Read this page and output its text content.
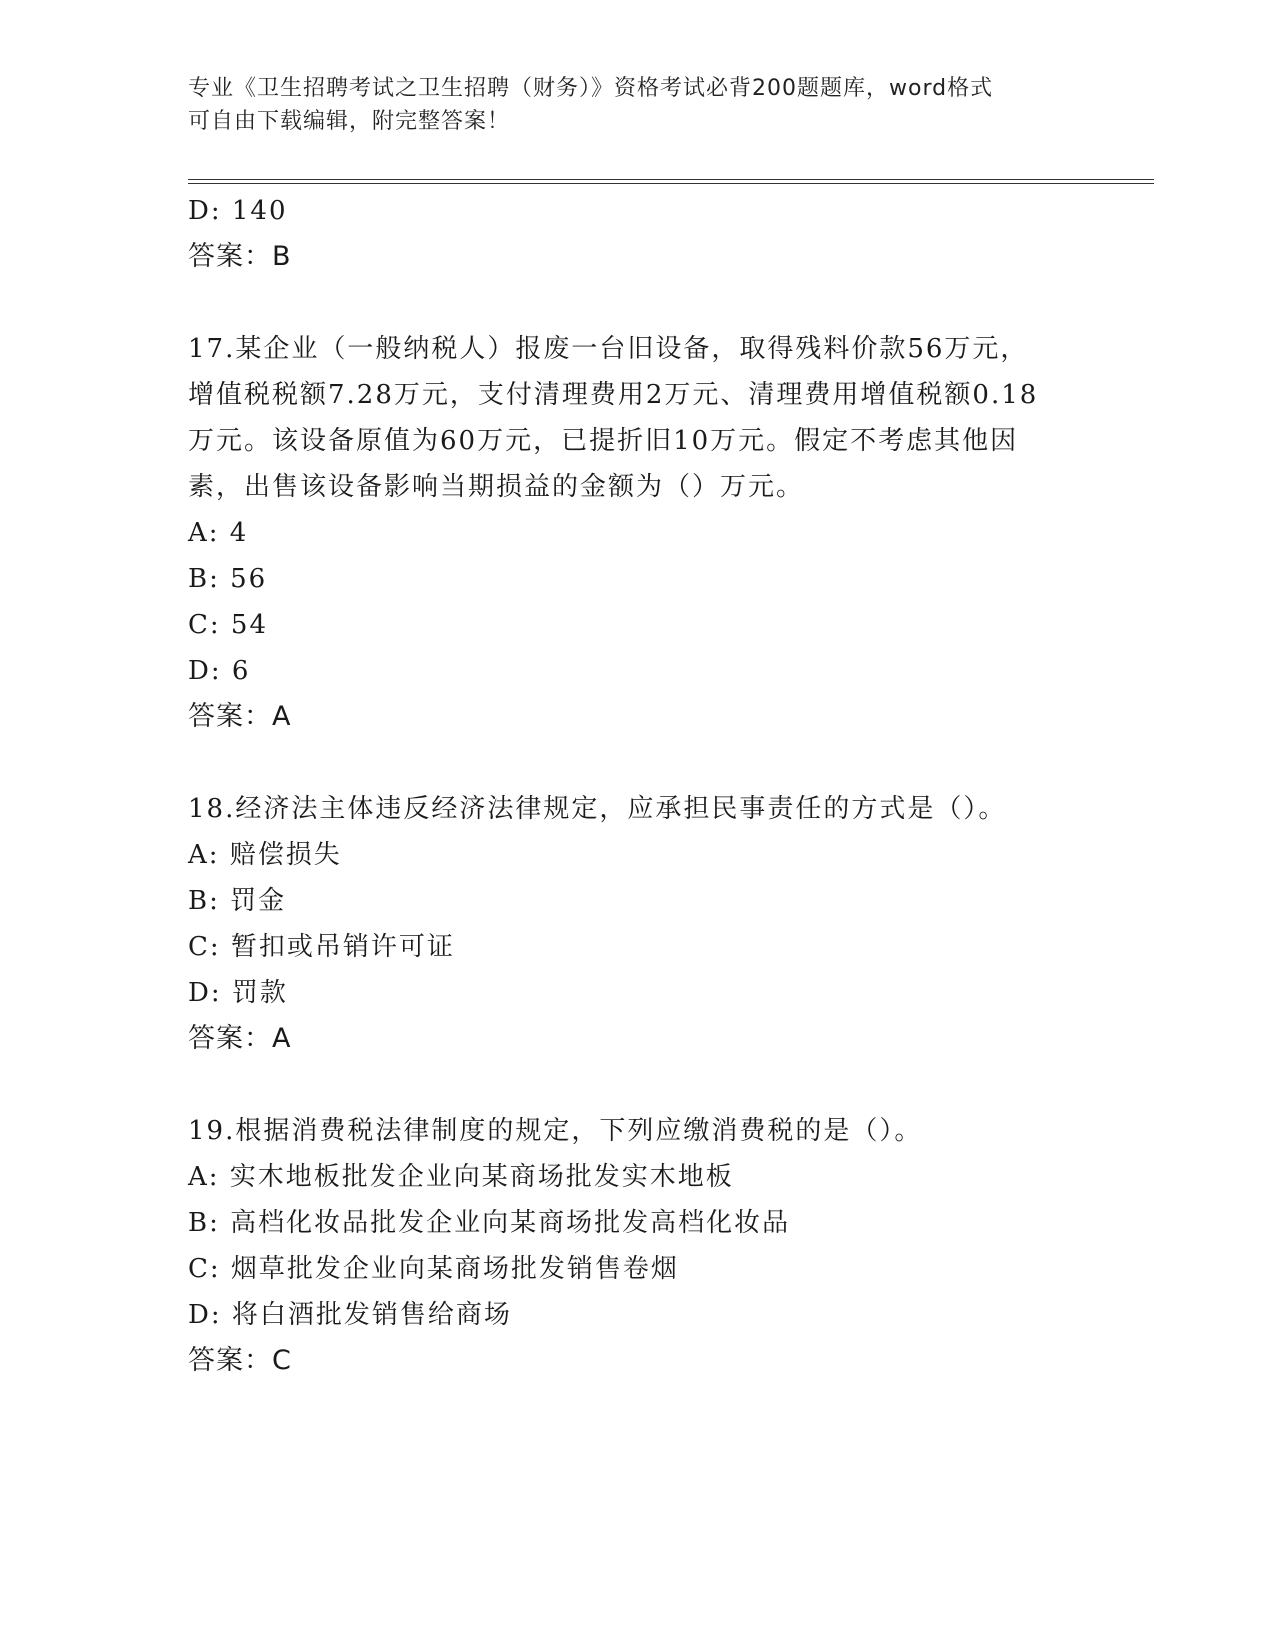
专业《卫生招聘考试之卫生招聘（财务）》资格考试必背200题题库，word格式
可自由下载编辑，附完整答案！
D: 140
答案：B
17.某企业（一般纳税人）报废一台旧设备，取得残料价款56万元，
增值税税额7.28万元，支付清理费用2万元、清理费用增值税额0.18
万元。该设备原值为60万元，已提折旧10万元。假定不考虑其他因
素，出售该设备影响当期损益的金额为（）万元。
A: 4
B: 56
C: 54
D: 6
答案：A
18.经济法主体违反经济法律规定，应承担民事责任的方式是（）。
A: 赔偿损失
B: 罚金
C: 暂扣或吊销许可证
D: 罚款
答案：A
19.根据消费税法律制度的规定，下列应缴消费税的是（）。
A: 实木地板批发企业向某商场批发实木地板
B: 高档化妆品批发企业向某商场批发高档化妆品
C: 烟草批发企业向某商场批发销售卷烟
D: 将白酒批发销售给商场
答案：C
